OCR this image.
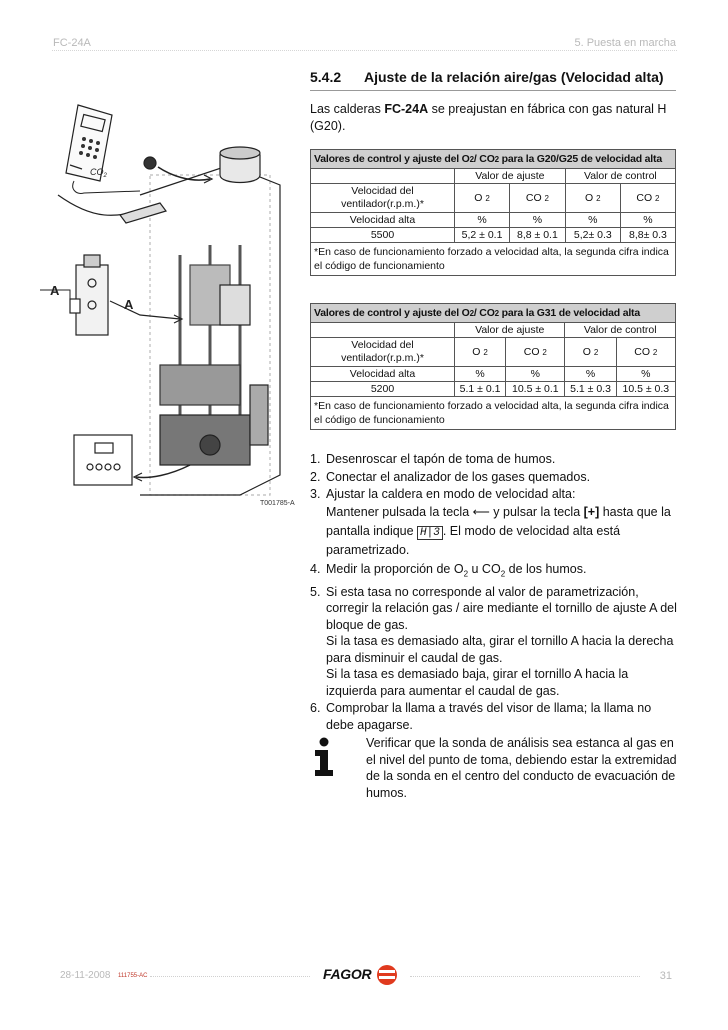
FC-24A	5. Puesta en marcha
$CO_2$
A
A
T001785-A
5.4.2 Ajuste de la relación aire/gas (Velocidad alta)
Las calderas FC-24A se preajustan en fábrica con gas natural H (G20).
Valores de control y ajuste del O2/ CO2 para la G20/G25 de velocidad alta				
	Valor de ajuste		Valor de control	
Velocidad del ventilador(r.p.m.)*	O 2	CO 2	O 2	CO 2
Velocidad alta	%	%	%	%
5500	5,2 ± 0.1	8,8 ± 0.1	5,2± 0.3	8,8± 0.3
*En caso de funcionamiento forzado a velocidad alta, la segunda cifra indica el código de funcionamiento				
Valores de control y ajuste del O2/ CO2 para la G31 de velocidad alta				
	Valor de ajuste		Valor de control	
Velocidad del ventilador(r.p.m.)*	O 2	CO 2	O 2	CO 2
Velocidad alta	%	%	%	%
5200	5.1 ± 0.1	10.5 ± 0.1	5.1 ± 0.3	10.5 ± 0.3
*En caso de funcionamiento forzado a velocidad alta, la segunda cifra indica el código de funcionamiento				
1. Desenroscar el tapón de toma de humos.
2. Conectar el analizador de los gases quemados.
3. Ajustar la caldera en modo de velocidad alta:
Mantener pulsada la tecla ⟵ y pulsar la tecla [+] hasta que la pantalla indique H|3 . El modo de velocidad alta está parametrizado.
4. Medir la proporción de $O_2$ u $CO_2$ de los humos.
5. Si esta tasa no corresponde al valor de parametrización, corregir la relación gas / aire mediante el tornillo de ajuste A del bloque de gas.
Si la tasa es demasiado alta, girar el tornillo A hacia la derecha para disminuir el caudal de gas.
Si la tasa es demasiado baja, girar el tornillo A hacia la izquierda para aumentar el caudal de gas.
6. Comprobar la llama a través del visor de llama; la llama no debe apagarse.
Verificar que la sonda de análisis sea estanca al gas en el nivel del punto de toma, debiendo estar la extremidad de la sonda en el centro del conducto de evacuación de humos.
28-11-2008 111755-AC	FAGOR	31
